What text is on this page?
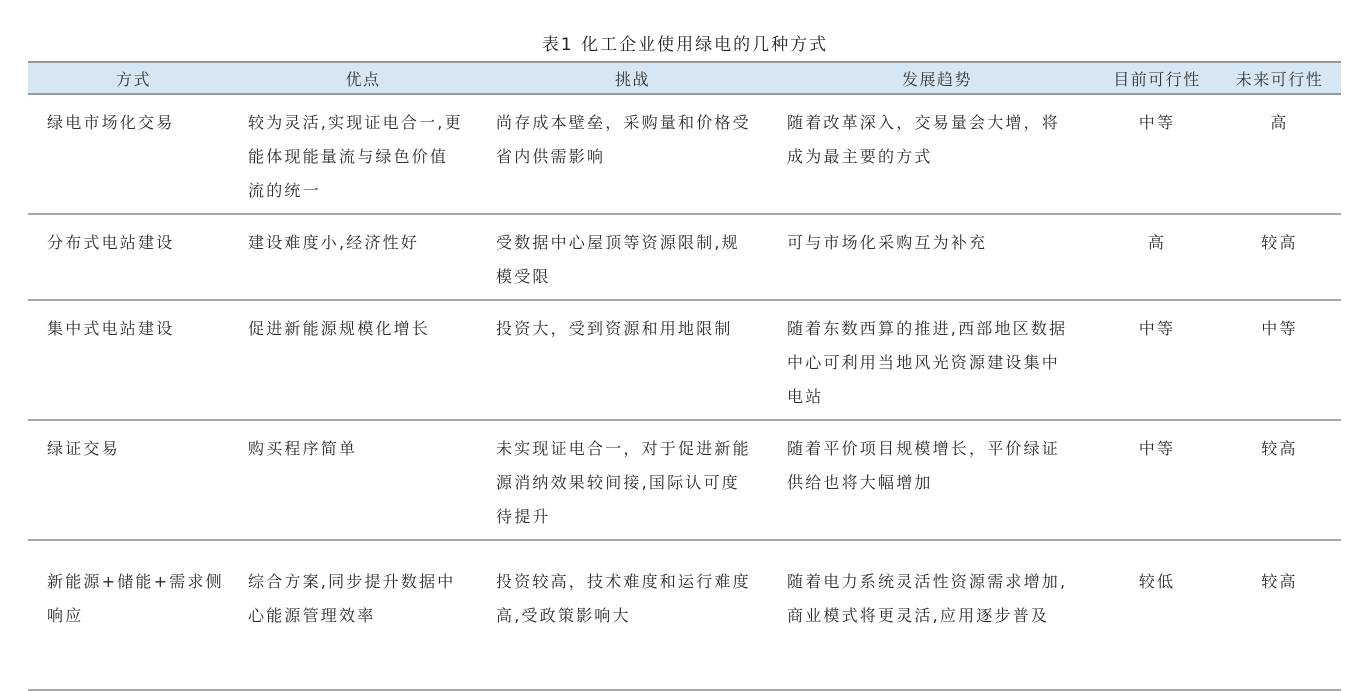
表1 化工企业使用绿电的几种方式
方式	优点	挑战	发展趋势	目前可行性	未来可行性
绿电市场化交易	较为灵活,实现证电合一,更能体现能量流与绿色价值流的统一	尚存成本壁垒，采购量和价格受省内供需影响	随着改革深入，交易量会大增，将成为最主要的方式	中等	高
分布式电站建设	建设难度小,经济性好	受数据中心屋顶等资源限制,规模受限	可与市场化采购互为补充	高	较高
集中式电站建设	促进新能源规模化增长	投资大，受到资源和用地限制	随着东数西算的推进,西部地区数据中心可利用当地风光资源建设集中电站	中等	中等
绿证交易	购买程序简单	未实现证电合一，对于促进新能源消纳效果较间接,国际认可度待提升	随着平价项目规模增长，平价绿证供给也将大幅增加	中等	较高
新能源+储能+需求侧响应	综合方案,同步提升数据中心能源管理效率	投资较高，技术难度和运行难度高,受政策影响大	随着电力系统灵活性资源需求增加,商业模式将更灵活,应用逐步普及	较低	较高
